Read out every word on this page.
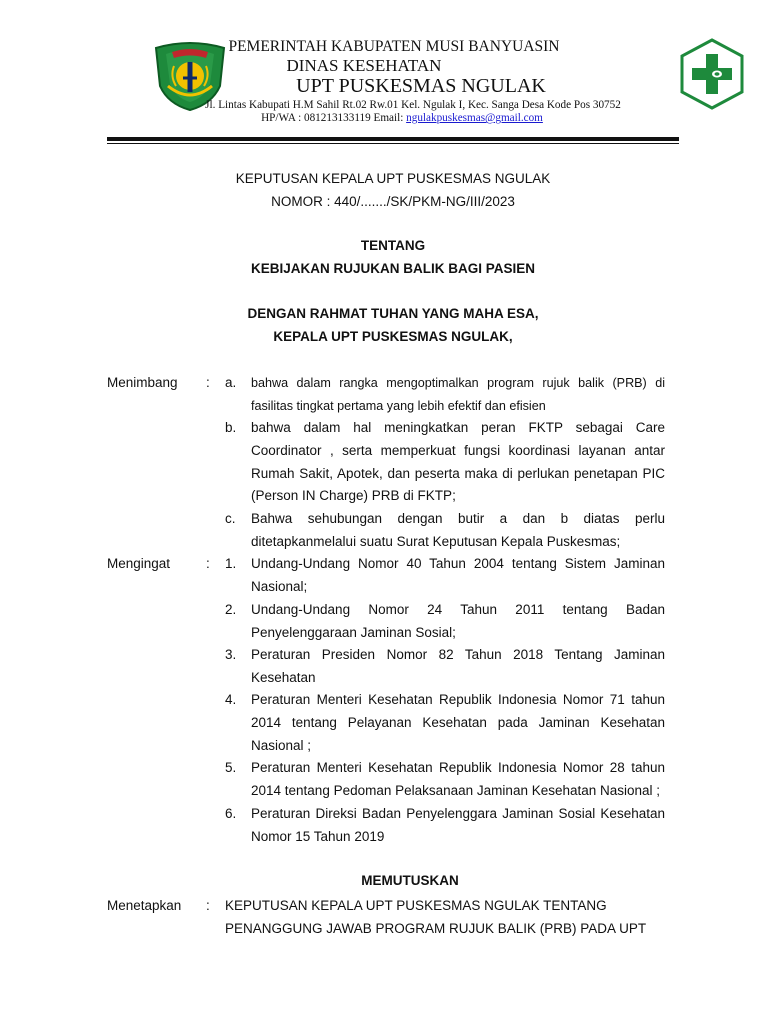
PEMERINTAH KABUPATEN MUSI BANYUASIN
DINAS KESEHATAN
UPT PUSKESMAS NGULAK
Jl. Lintas Kabupati H.M Sahil Rt.02 Rw.01 Kel. Ngulak I, Kec. Sanga Desa Kode Pos 30752
HP/WA : 081213133119 Email: ngulakpuskesmas@gmail.com
KEPUTUSAN KEPALA UPT PUSKESMAS NGULAK
NOMOR : 440/......./SK/PKM-NG/III/2023
TENTANG
KEBIJAKAN RUJUKAN BALIK BAGI PASIEN
DENGAN RAHMAT TUHAN YANG MAHA ESA,
KEPALA UPT PUSKESMAS NGULAK,
Menimbang : a. bahwa dalam rangka mengoptimalkan program rujuk balik (PRB) di fasilitas tingkat pertama yang lebih efektif dan efisien
b. bahwa dalam hal meningkatkan peran FKTP sebagai Care Coordinator , serta memperkuat fungsi koordinasi layanan antar Rumah Sakit, Apotek, dan peserta maka di perlukan penetapan PIC (Person IN Charge) PRB di FKTP;
c. Bahwa sehubungan dengan butir a dan b diatas perlu ditetapkanmelalui suatu Surat Keputusan Kepala Puskesmas;
Mengingat	: 1. Undang-Undang Nomor 40 Tahun 2004 tentang Sistem Jaminan Nasional;
2. Undang-Undang Nomor 24 Tahun 2011 tentang Badan Penyelenggaraan Jaminan Sosial;
3. Peraturan Presiden Nomor 82 Tahun 2018 Tentang Jaminan Kesehatan
4. Peraturan Menteri Kesehatan Republik Indonesia Nomor 71 tahun 2014 tentang Pelayanan Kesehatan pada Jaminan Kesehatan Nasional ;
5. Peraturan Menteri Kesehatan Republik Indonesia Nomor 28 tahun 2014 tentang Pedoman Pelaksanaan Jaminan Kesehatan Nasional ;
6. Peraturan Direksi Badan Penyelenggara Jaminan Sosial Kesehatan Nomor 15 Tahun 2019
MEMUTUSKAN
Menetapkan : KEPUTUSAN KEPALA UPT PUSKESMAS NGULAK TENTANG PENANGGUNG JAWAB PROGRAM RUJUK BALIK (PRB) PADA UPT
